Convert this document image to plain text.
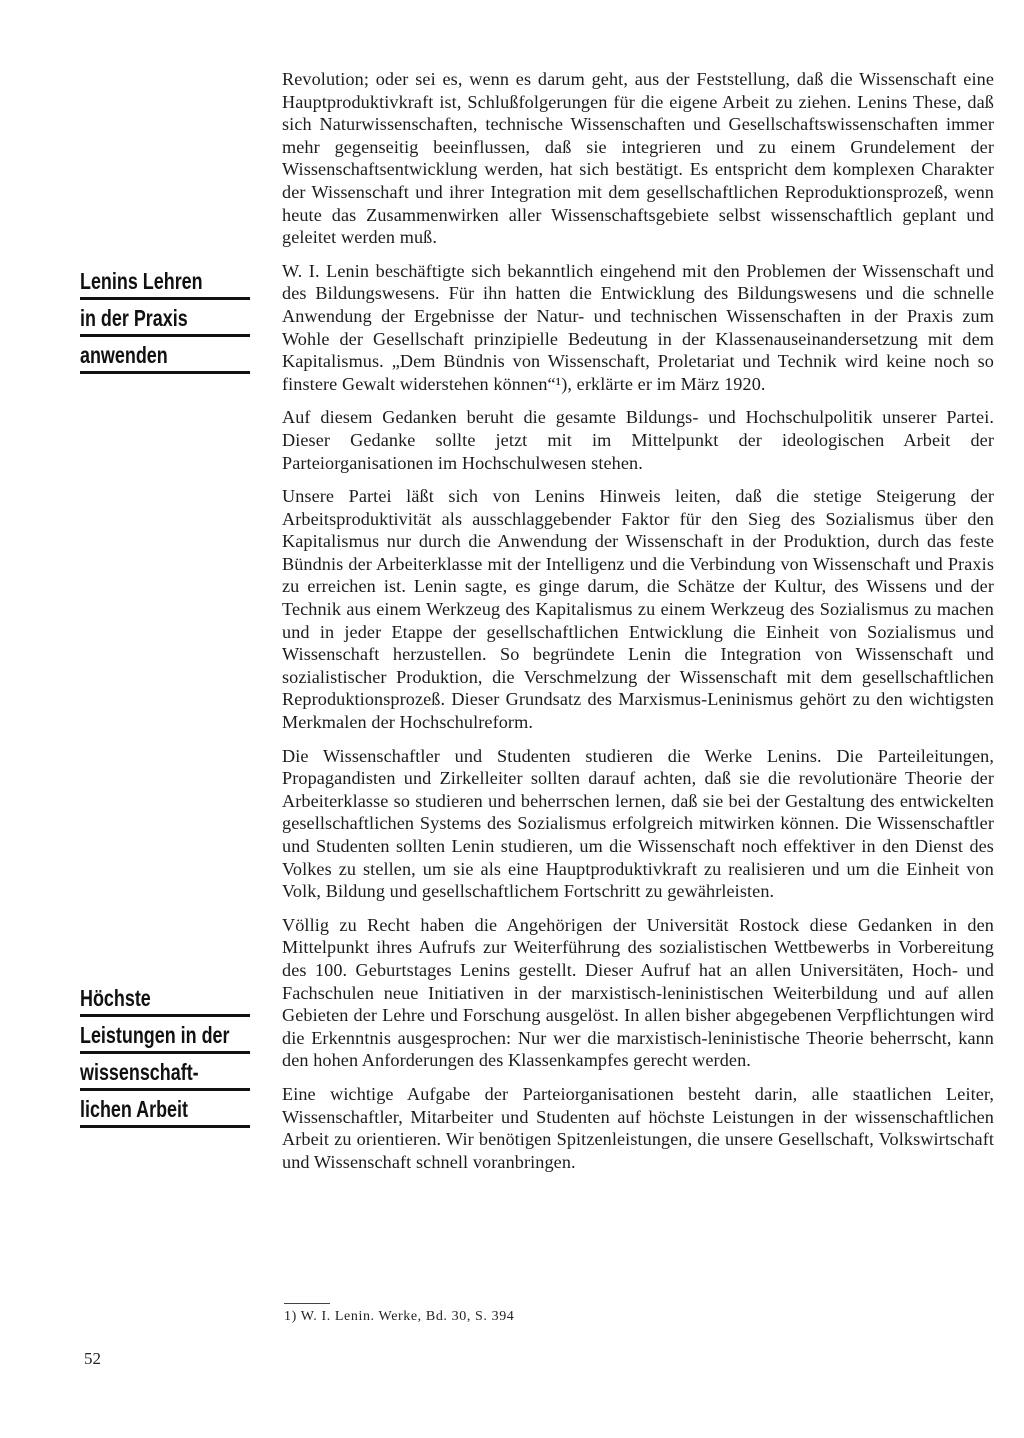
Lenins Lehren
in der Praxis
anwenden
Höchste
Leistungen in der
wissenschaft-
lichen Arbeit

Revolution; oder sei es, wenn es darum geht, aus der Feststellung, daß die Wissenschaft eine Hauptproduktivkraft ist, Schlußfolgerungen für die eigene Arbeit zu ziehen. Lenins These, daß sich Naturwissenschaften, technische Wissenschaften und Gesellschaftswissenschaften immer mehr gegenseitig beeinflussen, daß sie integrieren und zu einem Grundelement der Wissenschaftsentwicklung werden, hat sich bestätigt. Es entspricht dem komplexen Charakter der Wissenschaft und ihrer Integration mit dem gesellschaftlichen Reproduktionsprozeß, wenn heute das Zusammenwirken aller Wissenschaftsgebiete selbst wissenschaftlich geplant und geleitet werden muß.

W. I. Lenin beschäftigte sich bekanntlich eingehend mit den Problemen der Wissenschaft und des Bildungswesens. Für ihn hatten die Entwicklung des Bildungswesens und die schnelle Anwendung der Ergebnisse der Natur- und technischen Wissenschaften in der Praxis zum Wohle der Gesellschaft prinzipielle Bedeutung in der Klassenauseinandersetzung mit dem Kapitalismus. „Dem Bündnis von Wissenschaft, Proletariat und Technik wird keine noch so finstere Gewalt widerstehen können“¹), erklärte er im März 1920.

Auf diesem Gedanken beruht die gesamte Bildungs- und Hochschulpolitik unserer Partei. Dieser Gedanke sollte jetzt mit im Mittelpunkt der ideologischen Arbeit der Parteiorganisationen im Hochschulwesen stehen.

Unsere Partei läßt sich von Lenins Hinweis leiten, daß die stetige Steigerung der Arbeitsproduktivität als ausschlaggebender Faktor für den Sieg des Sozialismus über den Kapitalismus nur durch die Anwendung der Wissenschaft in der Produktion, durch das feste Bündnis der Arbeiterklasse mit der Intelligenz und die Verbindung von Wissenschaft und Praxis zu erreichen ist. Lenin sagte, es ginge darum, die Schätze der Kultur, des Wissens und der Technik aus einem Werkzeug des Kapitalismus zu einem Werkzeug des Sozialismus zu machen und in jeder Etappe der gesellschaftlichen Entwicklung die Einheit von Sozialismus und Wissenschaft herzustellen. So begründete Lenin die Integration von Wissenschaft und sozialistischer Produktion, die Verschmelzung der Wissenschaft mit dem gesellschaftlichen Reproduktionsprozeß. Dieser Grundsatz des Marxismus-Leninismus gehört zu den wichtigsten Merkmalen der Hochschulreform.

Die Wissenschaftler und Studenten studieren die Werke Lenins. Die Parteileitungen, Propagandisten und Zirkelleiter sollten darauf achten, daß sie die revolutionäre Theorie der Arbeiterklasse so studieren und beherrschen lernen, daß sie bei der Gestaltung des entwickelten gesellschaftlichen Systems des Sozialismus erfolgreich mitwirken können. Die Wissenschaftler und Studenten sollten Lenin studieren, um die Wissenschaft noch effektiver in den Dienst des Volkes zu stellen, um sie als eine Hauptproduktivkraft zu realisieren und um die Einheit von Volk, Bildung und gesellschaftlichem Fortschritt zu gewährleisten.

Völlig zu Recht haben die Angehörigen der Universität Rostock diese Gedanken in den Mittelpunkt ihres Aufrufs zur Weiterführung des sozialistischen Wettbewerbs in Vorbereitung des 100. Geburtstages Lenins gestellt. Dieser Aufruf hat an allen Universitäten, Hoch- und Fachschulen neue Initiativen in der marxistisch-leninistischen Weiterbildung und auf allen Gebieten der Lehre und Forschung ausgelöst. In allen bisher abgegebenen Verpflichtungen wird die Erkenntnis ausgesprochen: Nur wer die marxistisch-leninistische Theorie beherrscht, kann den hohen Anforderungen des Klassenkampfes gerecht werden.

Eine wichtige Aufgabe der Parteiorganisationen besteht darin, alle staatlichen Leiter, Wissenschaftler, Mitarbeiter und Studenten auf höchste Leistungen in der wissenschaftlichen Arbeit zu orientieren. Wir benötigen Spitzenleistungen, die unsere Gesellschaft, Volkswirtschaft und Wissenschaft schnell voranbringen.

1) W. I. Lenin. Werke, Bd. 30, S. 394
52
